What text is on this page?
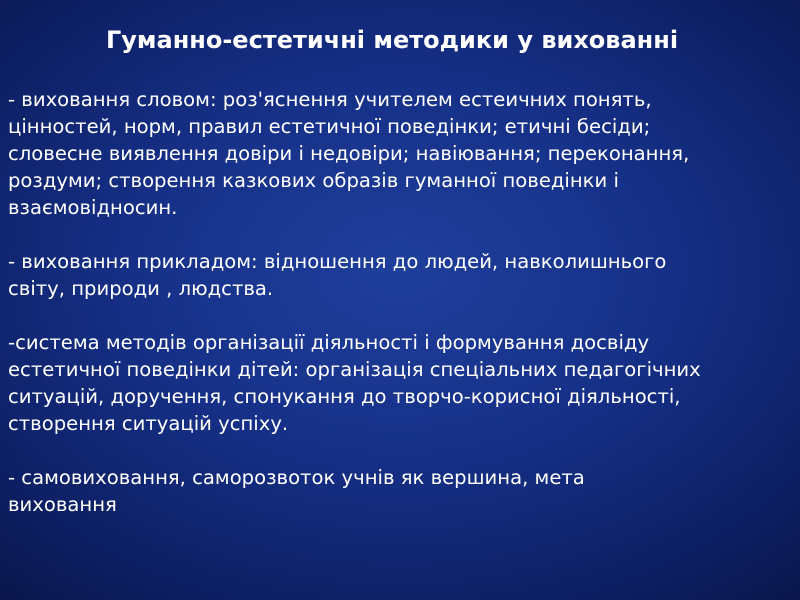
Гуманно-естетичні методики у вихованні

- виховання словом: роз'яснення учителем естеичних понять,
цінностей, норм, правил естетичної поведінки; етичні бесіди;
словесне виявлення довіри і недовіри; навіювання; переконання,
роздуми; створення казкових образів гуманної поведінки і
взаємовідносин.

- виховання прикладом: відношення до людей, навколишнього
світу, природи , людства.

-система методів організації діяльності і формування досвіду
естетичної поведінки дітей: організація спеціальних педагогічних
ситуацій, доручення, спонукання до творчо-корисної діяльності,
створення ситуацій успіху.

- самовиховання, саморозвоток учнів як вершина, мета
виховання
